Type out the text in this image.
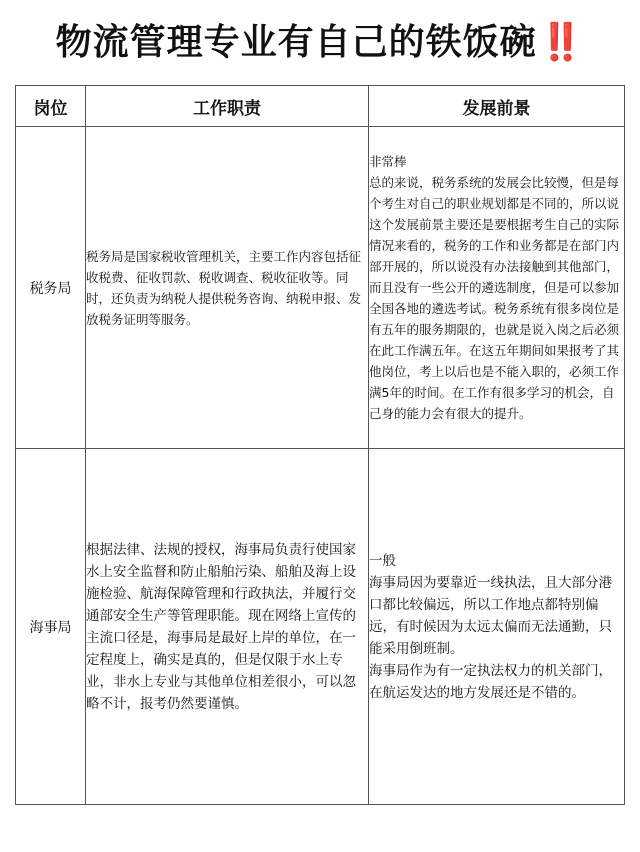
物流管理专业有自己的铁饭碗‼️
岗位	工作职责	发展前景
税务局	税务局是国家税收管理机关，主要工作内容包括征收税费、征收罚款、税收调查、税收征收等。同时，还负责为纳税人提供税务咨询、纳税申报、发放税务证明等服务。	非常棒
总的来说，税务系统的发展会比较慢，但是每个考生对自己的职业规划都是不同的，所以说这个发展前景主要还是要根据考生自己的实际情况来看的，税务的工作和业务都是在部门内部开展的，所以说没有办法接触到其他部门，而且没有一些公开的遴选制度，但是可以参加全国各地的遴选考试。税务系统有很多岗位是有五年的服务期限的，也就是说入岗之后必须在此工作满五年。在这五年期间如果报考了其他岗位，考上以后也是不能入职的，必须工作满5年的时间。在工作有很多学习的机会，自己身的能力会有很大的提升。

海事局	根据法律、法规的授权，海事局负责行使国家水上安全监督和防止船舶污染、船舶及海上设施检验、航海保障管理和行政执法，并履行交通部安全生产等管理职能。现在网络上宣传的主流口径是，海事局是最好上岸的单位，在一定程度上，确实是真的，但是仅限于水上专业，非水上专业与其他单位相差很小，可以忽略不计，报考仍然要谨慎。	一般
海事局因为要靠近一线执法，且大部分港口都比较偏远，所以工作地点都特别偏远，有时候因为太远太偏而无法通勤，只能采用倒班制。
海事局作为有一定执法权力的机关部门，在航运发达的地方发展还是不错的。
